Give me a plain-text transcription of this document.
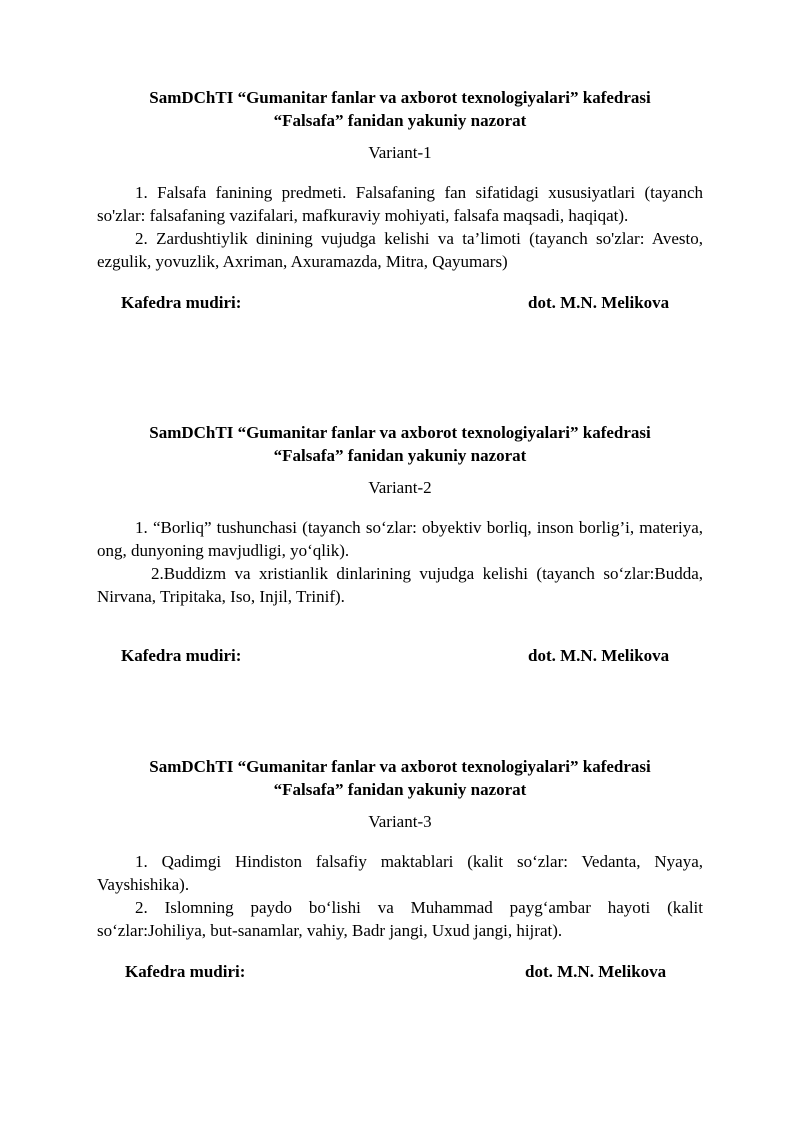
SamDChTI “Gumanitar fanlar va axborot texnologiyalari” kafedrasi

“Falsafa” fanidan yakuniy nazorat

Variant-1

1. Falsafa fanining predmeti. Falsafaning fan sifatidagi xususiyatlari (tayanch so'zlar: falsafaning vazifalari, mafkuraviy mohiyati, falsafa maqsadi, haqiqat).

2. Zardushtiylik dinining vujudga kelishi va ta’limoti (tayanch so'zlar: Avesto, ezgulik, yovuzlik, Axriman, Axuramazda, Mitra, Qayumars)

Kafedra mudiri:	dot. M.N. Melikova

SamDChTI “Gumanitar fanlar va axborot texnologiyalari” kafedrasi

“Falsafa” fanidan yakuniy nazorat

Variant-2

1. “Borliq” tushunchasi (tayanch so‘zlar: obyektiv borliq, inson borlig’i, materiya, ong, dunyoning mavjudligi, yo‘qlik).

2.Buddizm va xristianlik dinlarining vujudga kelishi (tayanch so‘zlar:Budda, Nirvana, Tripitaka, Iso, Injil, Trinif).

Kafedra mudiri:	dot. M.N. Melikova

SamDChTI “Gumanitar fanlar va axborot texnologiyalari” kafedrasi

“Falsafa” fanidan yakuniy nazorat

Variant-3

1. Qadimgi Hindiston falsafiy maktablari (kalit so‘zlar: Vedanta, Nyaya, Vayshishika).

2. Islomning paydo bo‘lishi va Muhammad payg‘ambar hayoti (kalit so‘zlar:Johiliya, but-sanamlar, vahiy, Badr jangi, Uxud jangi, hijrat).

Kafedra mudiri:	dot. M.N. Melikova
